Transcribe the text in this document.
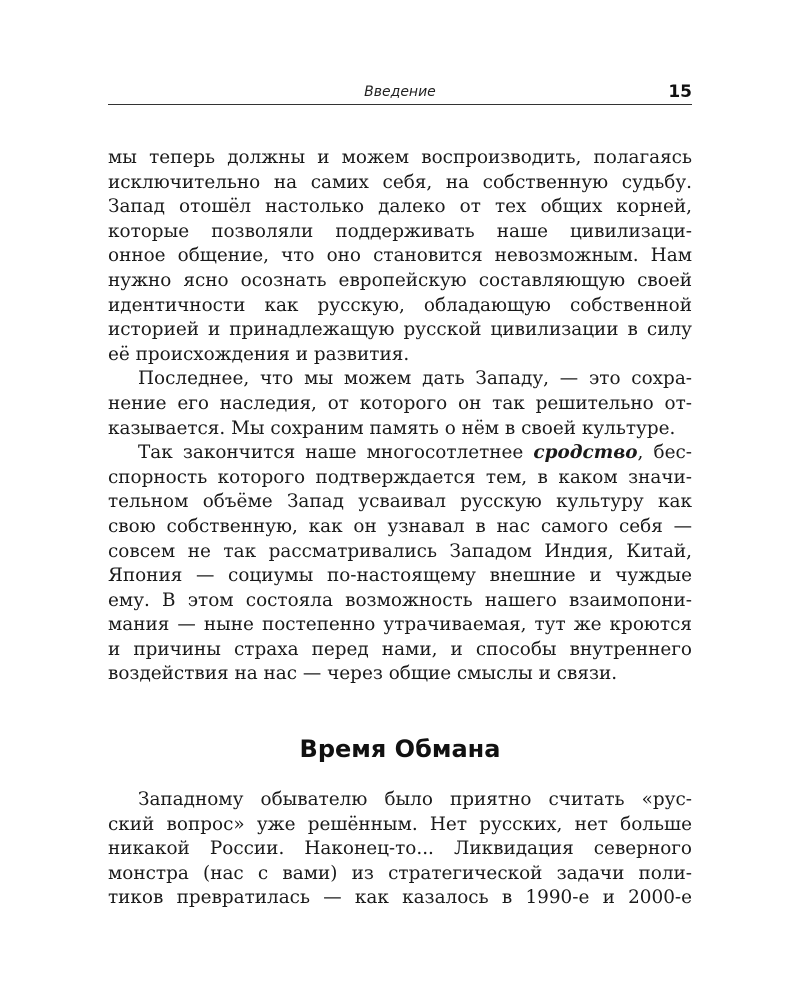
Введение	15
мы теперь должны и можем воспроизводить, полагаясь
исключительно на самих себя, на собственную судьбу.
Запад отошёл настолько далеко от тех общих корней,
которые позволяли поддерживать наше цивилизаци-
онное общение, что оно становится невозможным. Нам
нужно ясно осознать европейскую составляющую своей
идентичности как русскую, обладающую собственной
историей и принадлежащую русской цивилизации в силу
её происхождения и развития.
Последнее, что мы можем дать Западу, — это сохра-
нение его наследия, от которого он так решительно от-
казывается. Мы сохраним память о нём в своей культуре.
Так закончится наше многосотлетнее сродство, бес-
спорность которого подтверждается тем, в каком значи-
тельном объёме Запад усваивал русскую культуру как
свою собственную, как он узнавал в нас самого себя —
совсем не так рассматривались Западом Индия, Китай,
Япония — социумы по-настоящему внешние и чуждые
ему. В этом состояла возможность нашего взаимопони-
мания — ныне постепенно утрачиваемая, тут же кроются
и причины страха перед нами, и способы внутреннего
воздействия на нас — через общие смыслы и связи.
Время Обмана
Западному обывателю было приятно считать «рус-
ский вопрос» уже решённым. Нет русских, нет больше
никакой России. Наконец-то... Ликвидация северного
монстра (нас с вами) из стратегической задачи поли-
тиков превратилась — как казалось в 1990-е и 2000-е
